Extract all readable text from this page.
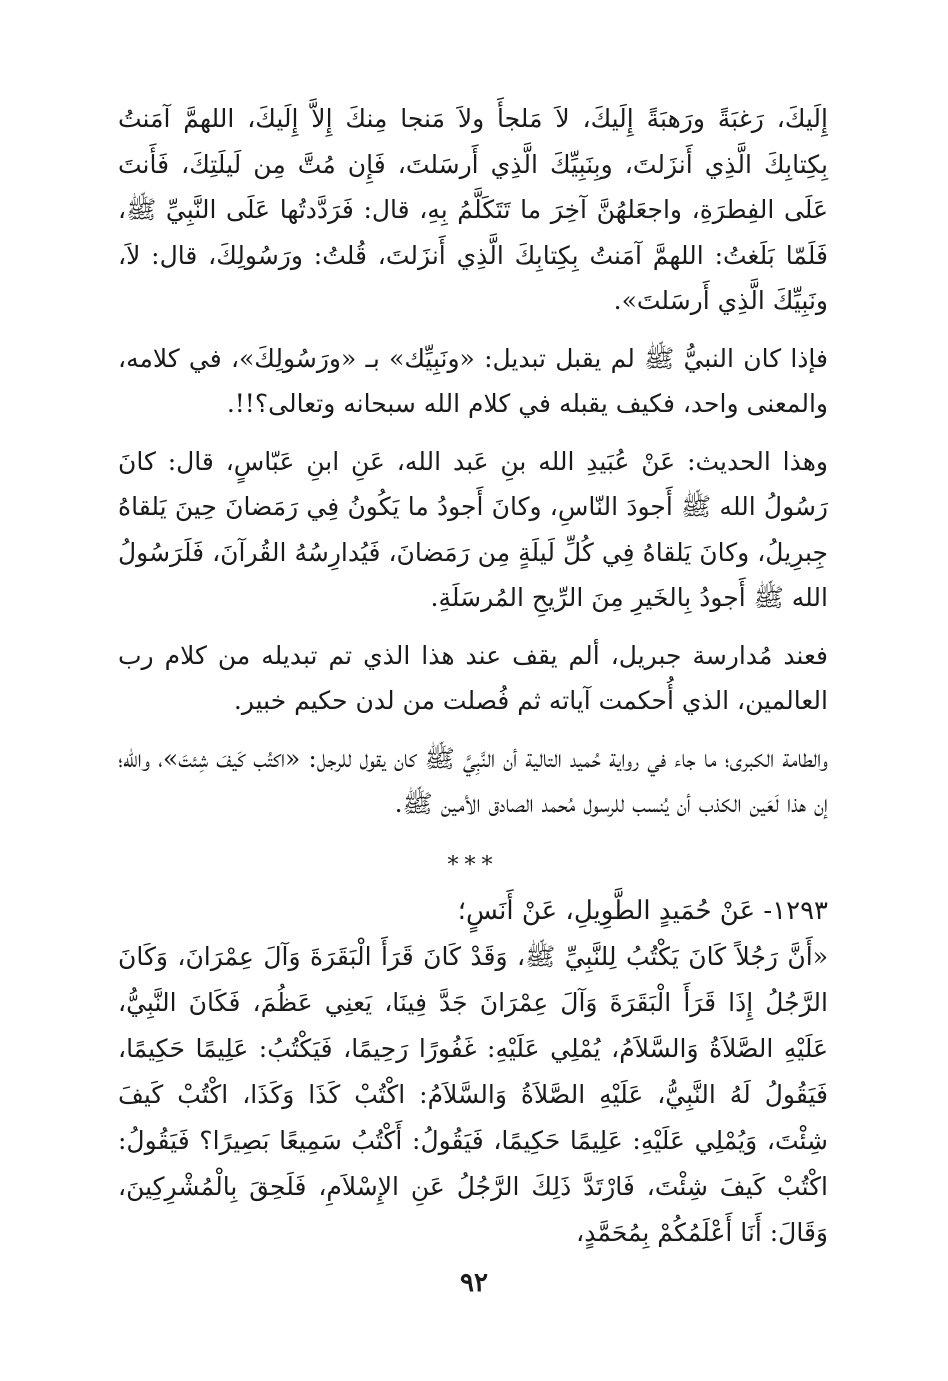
إِلَيكَ، رَغبَةً ورَهبَةً إِلَيكَ، لاَ مَلجأَ ولاَ مَنجا مِنكَ إِلاَّ إِلَيكَ، اللهمَّ آمَنتُ بِكِتابِكَ الَّذِي أَنزَلتَ، وبِنَبِيِّكَ الَّذِي أَرسَلتَ، فَإِن مُتَّ مِن لَيلَتِكَ، فَأَنتَ عَلَى الفِطرَةِ، واجعَلهُنَّ آخِرَ ما تَتَكَلَّمُ بِهِ، قال: فَرَدَّدتُها عَلَى النَّبِيِّ ﷺ، فَلَمّا بَلَغتُ: اللهمَّ آمَنتُ بِكِتابِكَ الَّذِي أَنزَلتَ، قُلتُ: ورَسُولِكَ، قال: لاَ، ونَبِيِّكَ الَّذِي أَرسَلتَ».

فإذا كان النبيُّ ﷺ لم يقبل تبديل: «ونَبِيِّك» بـ «ورَسُولِكَ»، في كلامه، والمعنى واحد، فكيف يقبله في كلام الله سبحانه وتعالى؟!!.

وهذا الحديث: عَنْ عُبَيدِ الله بنِ عَبد الله، عَنِ ابنِ عَبّاسٍ، قال: كانَ رَسُولُ الله ﷺ أَجودَ النّاسِ، وكانَ أَجودُ ما يَكُونُ فِي رَمَضانَ حِينَ يَلقاهُ جِبرِيلُ، وكانَ يَلقاهُ فِي كُلِّ لَيلَةٍ مِن رَمَضانَ، فَيُدارِسُهُ القُرآنَ، فَلَرَسُولُ الله ﷺ أَجودُ بِالخَيرِ مِنَ الرِّيحِ المُرسَلَةِ.

فعند مُدارسة جبريل، ألم يقف عند هذا الذي تم تبديله من كلام رب العالمين، الذي أُحكمت آياته ثم فُصلت من لدن حكيم خبير.

والطامة الكبرى؛ ما جاء في رواية حُميد التالية أن النَّبِيَّ ﷺ كان يقول للرجل: «اكتُب كَيفَ شِئتَ»، والله؛ إن هذا لَعَين الكذب أن يُنسب للرسول مُحمد الصادق الأمين ﷺ.

***

١٢٩٣- عَنْ حُمَيدٍ الطَّوِيلِ، عَنْ أَنَسٍ؛

«أَنَّ رَجُلاً كَانَ يَكْتُبُ لِلنَّبِيِّ ﷺ، وَقَدْ كَانَ قَرَأَ الْبَقَرَةَ وَآلَ عِمْرَانَ، وَكَانَ الرَّجُلُ إِذَا قَرَأَ الْبَقَرَةَ وَآلَ عِمْرَانَ جَدَّ فِينَا، يَعنِي عَظُمَ، فَكَانَ النَّبِيُّ، عَلَيْهِ الصَّلاَةُ وَالسَّلاَمُ، يُمْلِي عَلَيْهِ: غَفُورًا رَحِيمًا، فَيَكْتُبُ: عَلِيمًا حَكِيمًا، فَيَقُولُ لَهُ النَّبِيُّ، عَلَيْهِ الصَّلاَةُ وَالسَّلاَمُ: اكْتُبْ كَذَا وَكَذَا، اكْتُبْ كَيفَ شِئْتَ، وَيُمْلِي عَلَيْهِ: عَلِيمًا حَكِيمًا، فَيَقُولُ: أَكْتُبُ سَمِيعًا بَصِيرًا؟ فَيَقُولُ: اكْتُبْ كَيفَ شِئْتَ، فَارْتَدَّ ذَلِكَ الرَّجُلُ عَنِ الإِسْلاَمِ، فَلَحِقَ بِالْمُشْرِكِينَ، وَقَالَ: أَنَا أَعْلَمُكُمْ بِمُحَمَّدٍ،

٩٢
